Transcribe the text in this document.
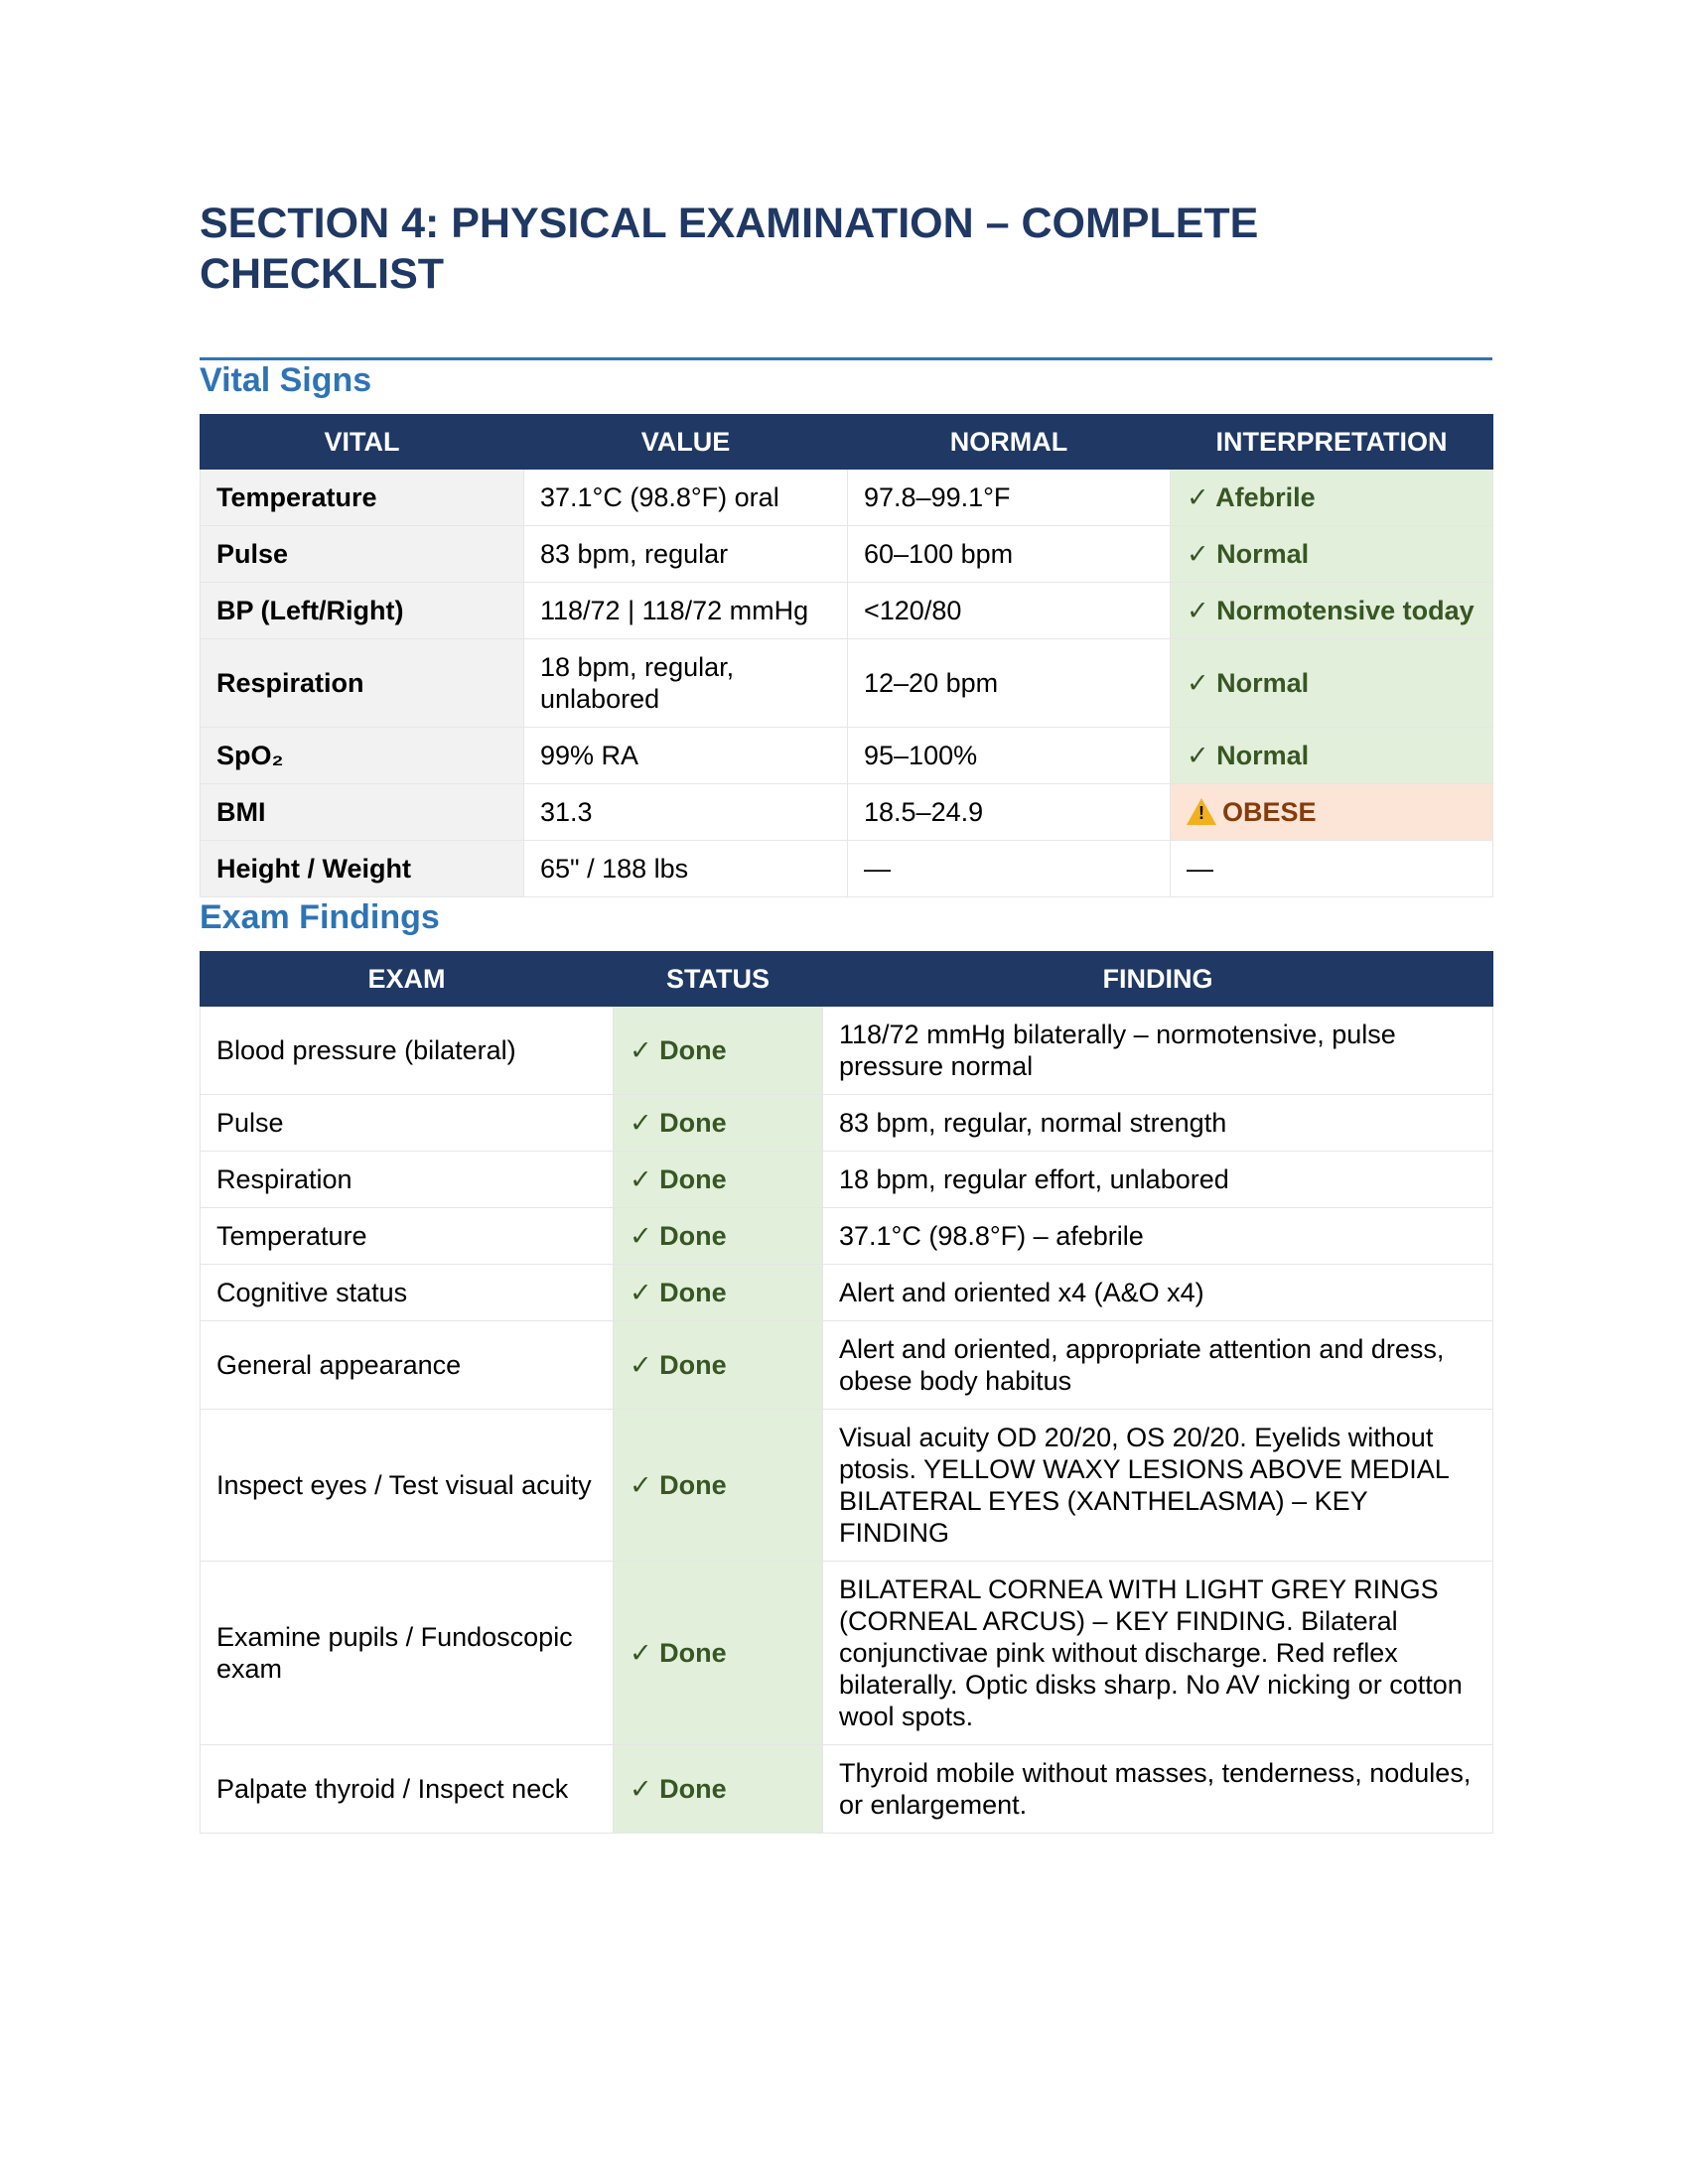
SECTION 4: PHYSICAL EXAMINATION – COMPLETE CHECKLIST
Vital Signs
VITAL	VALUE	NORMAL	INTERPRETATION
Temperature	37.1°C (98.8°F) oral	97.8–99.1°F	✓ Afebrile
Pulse	83 bpm, regular	60–100 bpm	✓ Normal
BP (Left/Right)	118/72 | 118/72 mmHg	<120/80	✓ Normotensive today
Respiration	18 bpm, regular, unlabored	12–20 bpm	✓ Normal
SpO₂	99% RA	95–100%	✓ Normal
BMI	31.3	18.5–24.9	!OBESE
Height / Weight	65" / 188 lbs	—	—
Exam Findings
EXAM	STATUS	FINDING
Blood pressure (bilateral)	✓ Done	118/72 mmHg bilaterally – normotensive, pulse pressure normal
Pulse	✓ Done	83 bpm, regular, normal strength
Respiration	✓ Done	18 bpm, regular effort, unlabored
Temperature	✓ Done	37.1°C (98.8°F) – afebrile
Cognitive status	✓ Done	Alert and oriented x4 (A&O x4)
General appearance	✓ Done	Alert and oriented, appropriate attention and dress, obese body habitus
Inspect eyes / Test visual acuity	✓ Done	Visual acuity OD 20/20, OS 20/20. Eyelids without ptosis. YELLOW WAXY LESIONS ABOVE MEDIAL BILATERAL EYES (XANTHELASMA) – KEY FINDING
Examine pupils / Fundoscopic exam	✓ Done	BILATERAL CORNEA WITH LIGHT GREY RINGS (CORNEAL ARCUS) – KEY FINDING. Bilateral conjunctivae pink without discharge. Red reflex bilaterally. Optic disks sharp. No AV nicking or cotton wool spots.
Palpate thyroid / Inspect neck	✓ Done	Thyroid mobile without masses, tenderness, nodules, or enlargement.
